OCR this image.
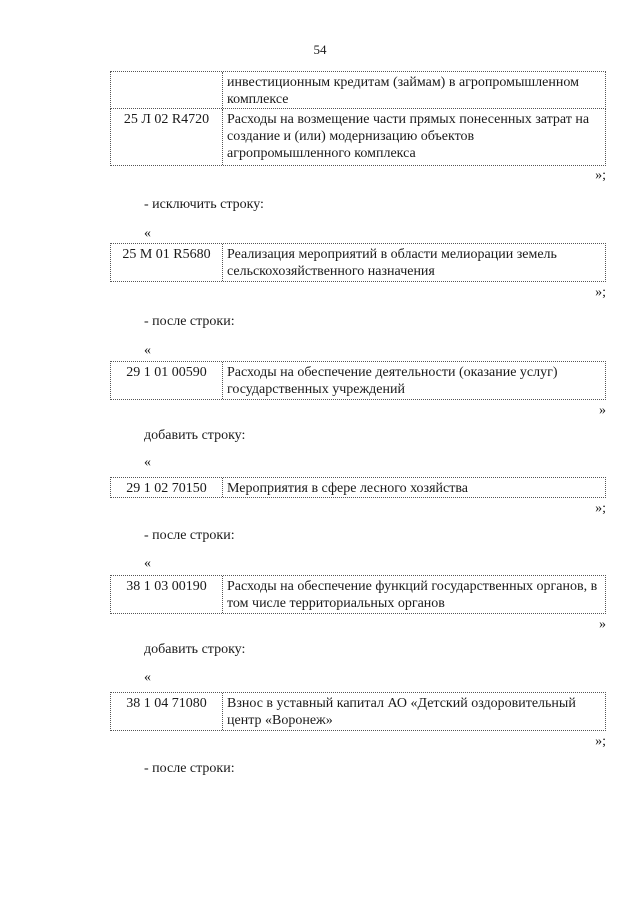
54
инвестиционным кредитам (займам) в агропромышленном комплексе
25 Л 02 R4720	Расходы на возмещение части прямых понесенных затрат на создание и (или) модернизацию объектов агропромышленного комплекса
»;
- исключить строку:
«
25 М 01 R5680	Реализация мероприятий в области мелиорации земель сельскохозяйственного назначения
»;
- после строки:
«
29 1 01 00590	Расходы на обеспечение деятельности (оказание услуг) государственных учреждений
»
добавить строку:
«
29 1 02 70150	Мероприятия в сфере лесного хозяйства
»;
- после строки:
«
38 1 03 00190	Расходы на обеспечение функций государственных органов, в том числе территориальных органов
»
добавить строку:
«
38 1 04 71080	Взнос в уставный капитал АО «Детский оздоровительный центр «Воронеж»
»;
- после строки:
